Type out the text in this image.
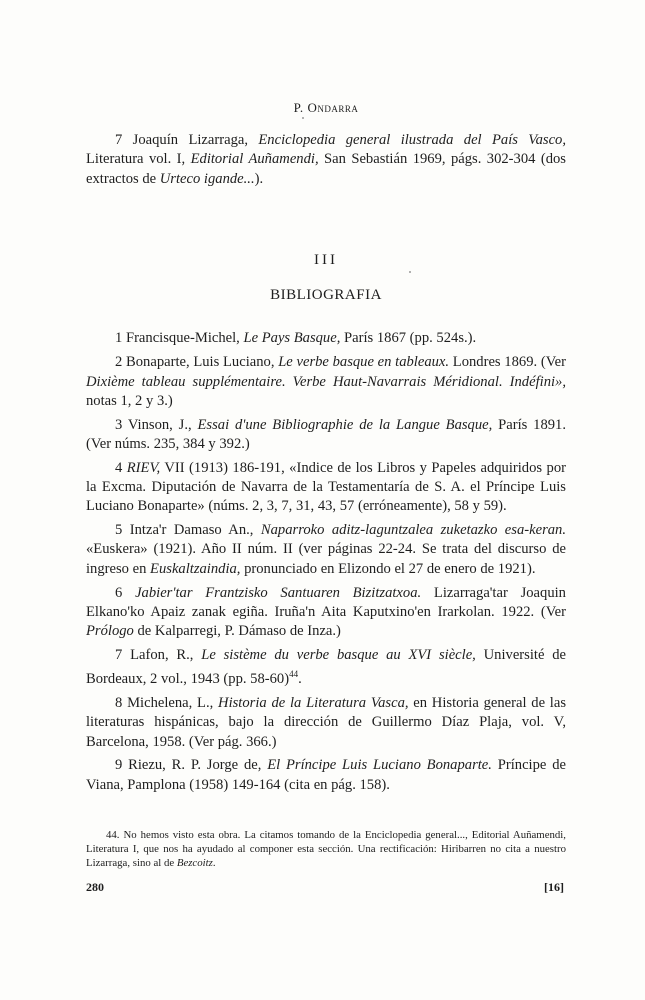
P. Ondarra

7 Joaquín Lizarraga, Enciclopedia general ilustrada del País Vasco, Literatura vol. I, Editorial Auñamendi, San Sebastián 1969, págs. 302-304 (dos extractos de Urteco igande...).

III
BIBLIOGRAFIA

1 Francisque-Michel, Le Pays Basque, París 1867 (pp. 524s.).

2 Bonaparte, Luis Luciano, Le verbe basque en tableaux. Londres 1869. (Ver Dixième tableau supplémentaire. Verbe Haut-Navarrais Méridional. Indéfini», notas 1, 2 y 3.)

3 Vinson, J., Essai d'une Bibliographie de la Langue Basque, París 1891. (Ver núms. 235, 384 y 392.)

4 RIEV, VII (1913) 186-191, «Indice de los Libros y Papeles adquiridos por la Excma. Diputación de Navarra de la Testamentaría de S. A. el Príncipe Luis Luciano Bonaparte» (núms. 2, 3, 7, 31, 43, 57 (erróneamente), 58 y 59).

5 Intza'r Damaso An., Naparroko aditz-laguntzalea zuketazko esa-keran. «Euskera» (1921). Año II núm. II (ver páginas 22-24. Se trata del discurso de ingreso en Euskaltzaindia, pronunciado en Elizondo el 27 de enero de 1921).

6 Jabier'tar Frantzisko Santuaren Bizitzatxoa. Lizarraga'tar Joaquin Elkano'ko Apaiz zanak egiña. Iruña'n Aita Kaputxino'en Irarkolan. 1922. (Ver Prólogo de Kalparregi, P. Dámaso de Inza.)

7 Lafon, R., Le sistème du verbe basque au XVI siècle, Université de Bordeaux, 2 vol., 1943 (pp. 58-60)$^{44}$.

8 Michelena, L., Historia de la Literatura Vasca, en Historia general de las literaturas hispánicas, bajo la dirección de Guillermo Díaz Plaja, vol. V, Barcelona, 1958. (Ver pág. 366.)

9 Riezu, R. P. Jorge de, El Príncipe Luis Luciano Bonaparte. Príncipe de Viana, Pamplona (1958) 149-164 (cita en pág. 158).

44. No hemos visto esta obra. La citamos tomando de la Enciclopedia general..., Editorial Auñamendi, Literatura I, que nos ha ayudado al componer esta sección. Una rectificación: Hiribarren no cita a nuestro Lizarraga, sino al de Bezcoitz.
280	[16]
